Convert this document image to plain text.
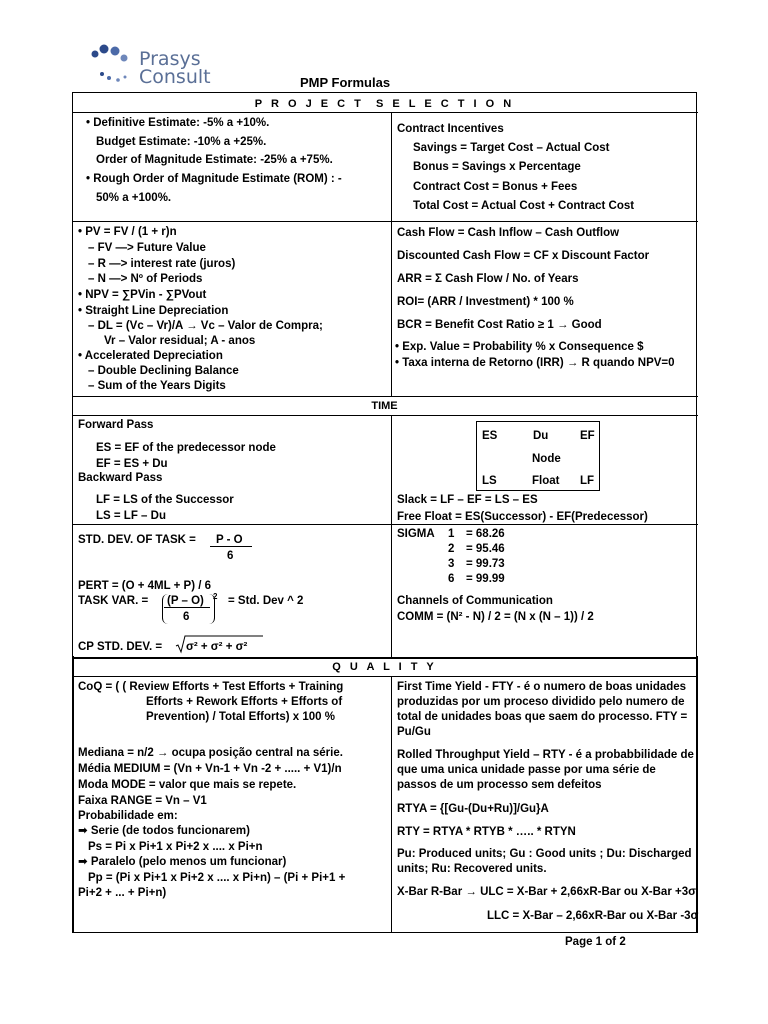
Prasys
Consult	PMP Formulas
P R O J E C T  S E L E C T I O N
TIME
Q U A L I T Y
• Definitive Estimate: -5% a +10%.
Budget Estimate: -10% a +25%.
Order of Magnitude Estimate: -25% a +75%.
• Rough Order of Magnitude Estimate (ROM) : -
50% a +100%.
Contract Incentives
Savings = Target Cost – Actual Cost
Bonus = Savings x Percentage
Contract Cost = Bonus + Fees
Total Cost = Actual Cost + Contract Cost
• PV = FV / (1 + r)n
– FV —> Future Value
– R —> interest rate (juros)
– N —> Nº of Periods
• NPV = ∑PVin - ∑PVout
• Straight Line Depreciation
– DL = (Vc – Vr)/A → Vc – Valor de Compra;
Vr – Valor residual; A - anos
• Accelerated Depreciation
– Double Declining Balance
– Sum of the Years Digits
Cash Flow = Cash Inflow – Cash Outflow
Discounted Cash Flow = CF x Discount Factor
ARR = Σ Cash Flow / No. of Years
ROI= (ARR / Investment) * 100 %
BCR = Benefit Cost Ratio ≥ 1 → Good
• Exp. Value = Probability % x Consequence $
• Taxa interna de Retorno (IRR) → R quando NPV=0
Forward Pass
ES = EF of the predecessor node
EF = ES + Du
Backward Pass
LF = LS of the Successor
LS = LF – Du
ES	Du	EF
Node
LS	Float LF
Slack = LF – EF = LS – ES
Free Float = ES(Successor) - EF(Predecessor)
STD. DEV. OF TASK = P - O
6
PERT = (O + 4ML + P) / 6
TASK VAR. = (P – O) 2
6
= Std. Dev ^ 2
CP STD. DEV. = σ² + σ² + σ²
SIGMA 1 = 68.26
2 = 95.46
3 = 99.73
6 = 99.99
Channels of Communication
COMM = (N² - N) / 2 = (N x (N – 1)) / 2
CoQ = ( ( Review Efforts + Test Efforts + Training
Efforts + Rework Efforts + Efforts of
Prevention) / Total Efforts) x 100 %
Mediana = n/2 → ocupa posição central na série.
Média MEDIUM = (Vn + Vn-1 + Vn -2 + ..... + V1)/n
Moda MODE = valor que mais se repete.
Faixa RANGE = Vn – V1
Probabilidade em:
➡ Serie (de todos funcionarem)
Ps = Pi x Pi+1 x Pi+2 x .... x Pi+n
➡ Paralelo (pelo menos um funcionar)
Pp = (Pi x Pi+1 x Pi+2 x .... x Pi+n) – (Pi + Pi+1 +
Pi+2 + ... + Pi+n)
First Time Yield - FTY - é o numero de boas unidades
produzidas por um proceso dividido pelo numero de
total de unidades boas que saem do processo. FTY =
Pu/Gu
Rolled Throughput Yield – RTY - é a probabbilidade de
que uma unica unidade passe por uma série de
passos de um processo sem defeitos
RTYA = {[Gu-(Du+Ru)]/Gu}A
RTY = RTYA * RTYB * ….. * RTYN
Pu: Produced units; Gu : Good units ; Du: Discharged
units; Ru: Recovered units.
X-Bar R-Bar → ULC = X-Bar + 2,66xR-Bar ou X-Bar +3σ
LLC = X-Bar – 2,66xR-Bar ou X-Bar -3σ
Page 1 of 2
